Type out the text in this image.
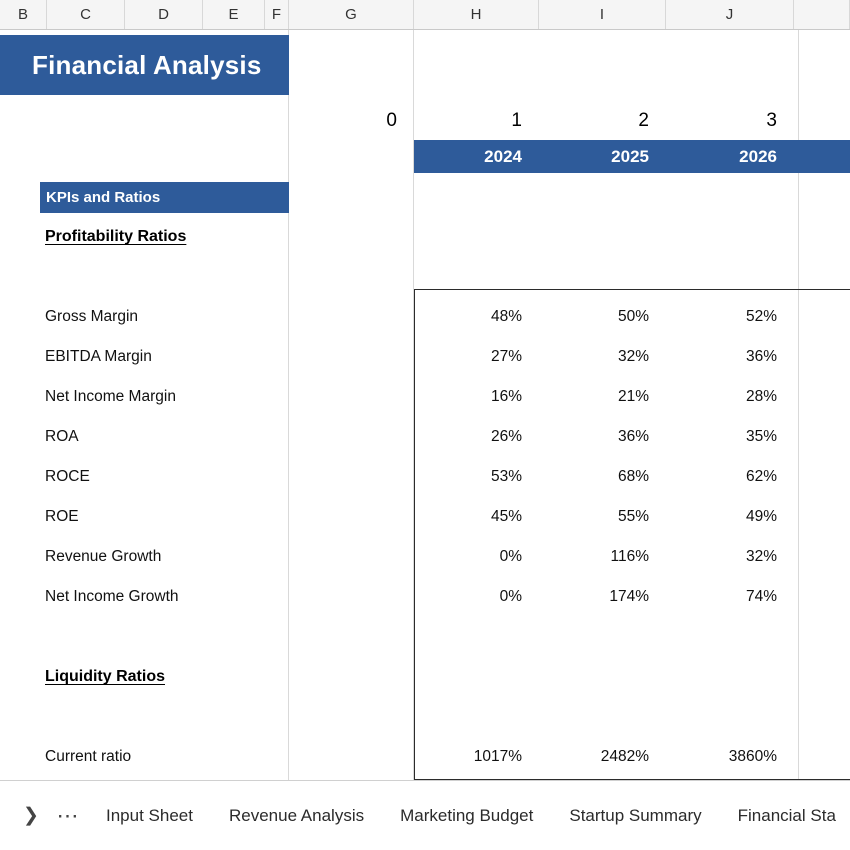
B	C	D	E	F	G	H	I	J
Financial Analysis
0	1	2	3
2024	2025	2026
KPIs and Ratios
Profitability Ratios
Gross Margin	48%	50%	52%
EBITDA Margin	27%	32%	36%
Net Income Margin	16%	21%	28%
ROA	26%	36%	35%
ROCE	53%	68%	62%
ROE	45%	55%	49%
Revenue Growth	0%	116%	32%
Net Income Growth	0%	174%	74%
Liquidity Ratios
Current ratio	1017%	2482%	3860%
❯ ⋯	Input Sheet	Revenue Analysis	Marketing Budget	Startup Summary	Financial Sta
